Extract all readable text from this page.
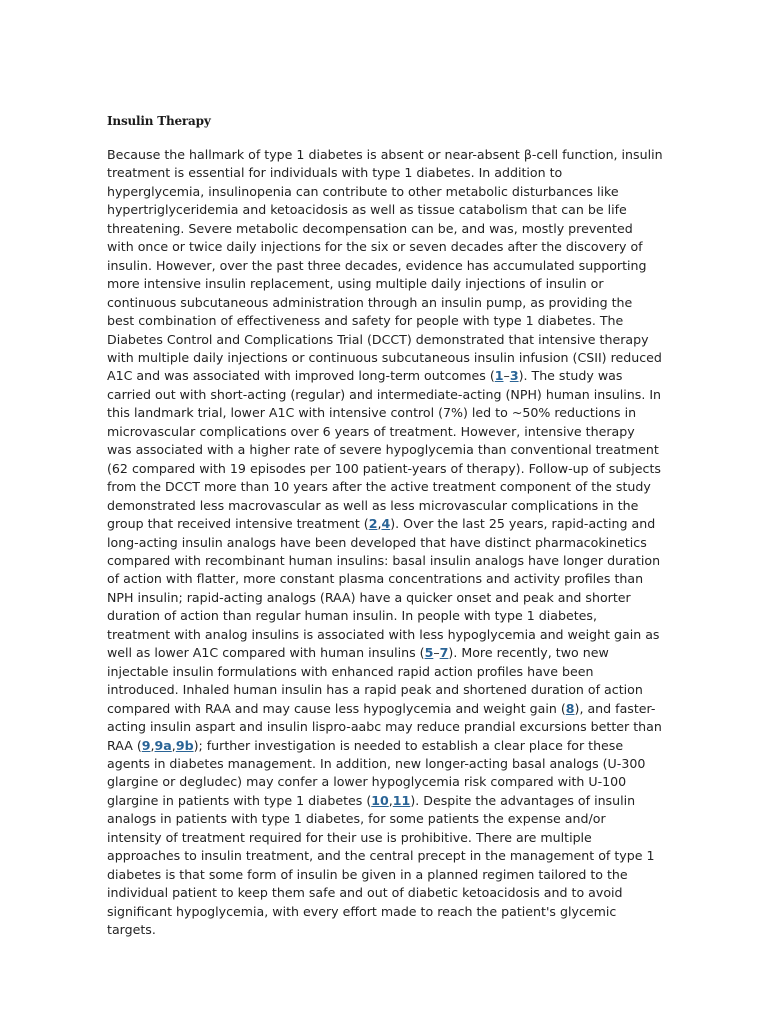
Insulin Therapy

Because the hallmark of type 1 diabetes is absent or near-absent β-cell function, insulin treatment is essential for individuals with type 1 diabetes. In addition to hyperglycemia, insulinopenia can contribute to other metabolic disturbances like hypertriglyceridemia and ketoacidosis as well as tissue catabolism that can be life threatening. Severe metabolic decompensation can be, and was, mostly prevented with once or twice daily injections for the six or seven decades after the discovery of insulin. However, over the past three decades, evidence has accumulated supporting more intensive insulin replacement, using multiple daily injections of insulin or continuous subcutaneous administration through an insulin pump, as providing the best combination of effectiveness and safety for people with type 1 diabetes. The Diabetes Control and Complications Trial (DCCT) demonstrated that intensive therapy with multiple daily injections or continuous subcutaneous insulin infusion (CSII) reduced A1C and was associated with improved long-term outcomes (1–3). The study was carried out with short-acting (regular) and intermediate-acting (NPH) human insulins. In this landmark trial, lower A1C with intensive control (7%) led to ~50% reductions in microvascular complications over 6 years of treatment. However, intensive therapy was associated with a higher rate of severe hypoglycemia than conventional treatment (62 compared with 19 episodes per 100 patient-years of therapy). Follow-up of subjects from the DCCT more than 10 years after the active treatment component of the study demonstrated less macrovascular as well as less microvascular complications in the group that received intensive treatment (2,4). Over the last 25 years, rapid-acting and long-acting insulin analogs have been developed that have distinct pharmacokinetics compared with recombinant human insulins: basal insulin analogs have longer duration of action with flatter, more constant plasma concentrations and activity profiles than NPH insulin; rapid-acting analogs (RAA) have a quicker onset and peak and shorter duration of action than regular human insulin. In people with type 1 diabetes, treatment with analog insulins is associated with less hypoglycemia and weight gain as well as lower A1C compared with human insulins (5–7). More recently, two new injectable insulin formulations with enhanced rapid action profiles have been introduced. Inhaled human insulin has a rapid peak and shortened duration of action compared with RAA and may cause less hypoglycemia and weight gain (8), and faster-acting insulin aspart and insulin lispro-aabc may reduce prandial excursions better than RAA (9,9a,9b); further investigation is needed to establish a clear place for these agents in diabetes management. In addition, new longer-acting basal analogs (U-300 glargine or degludec) may confer a lower hypoglycemia risk compared with U-100 glargine in patients with type 1 diabetes (10,11). Despite the advantages of insulin analogs in patients with type 1 diabetes, for some patients the expense and/or intensity of treatment required for their use is prohibitive. There are multiple approaches to insulin treatment, and the central precept in the management of type 1 diabetes is that some form of insulin be given in a planned regimen tailored to the individual patient to keep them safe and out of diabetic ketoacidosis and to avoid significant hypoglycemia, with every effort made to reach the patient's glycemic targets.
